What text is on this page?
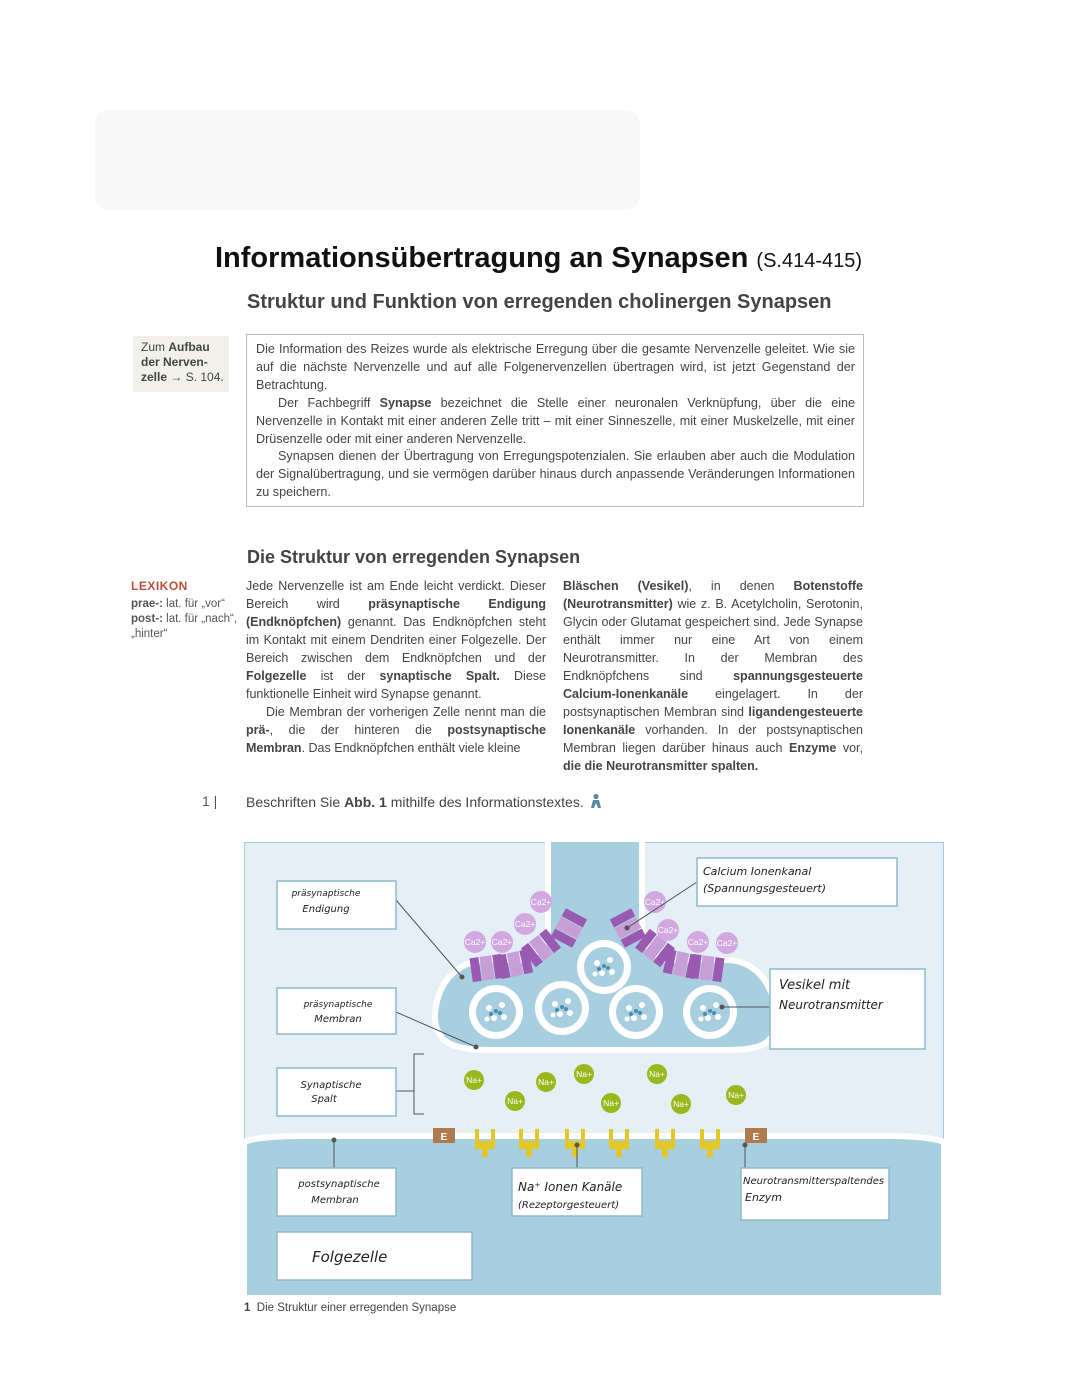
Informationsübertragung an Synapsen (S.414-415)
Struktur und Funktion von erregenden cholinergen Synapsen
Zum Aufbau
der Nerven-
zelle → S. 104.

Die Information des Reizes wurde als elektrische Erregung über die gesamte Nervenzelle geleitet. Wie sie auf die nächste Nervenzelle und auf alle Folgenervenzellen übertragen wird, ist jetzt Gegenstand der Betrachtung.

Der Fachbegriff Synapse bezeichnet die Stelle einer neuronalen Verknüpfung, über die eine Nervenzelle in Kontakt mit einer anderen Zelle tritt – mit einer Sinneszelle, mit einer Muskelzelle, mit einer Drüsenzelle oder mit einer anderen Nervenzelle.

Synapsen dienen der Übertragung von Erregungspotenzialen. Sie erlauben aber auch die Modulation der Signalübertragung, und sie vermögen darüber hinaus durch anpassende Veränderungen Informationen zu speichern.

Die Struktur von erregenden Synapsen
LEXIKON
prae-: lat. für „vor“
post-: lat. für „nach“, „hinter“

Jede Nervenzelle ist am Ende leicht verdickt. Dieser Bereich wird präsynaptische Endigung (Endknöpfchen) genannt. Das Endknöpfchen steht im Kontakt mit einem Dendriten einer Folgezelle. Der Bereich zwischen dem Endknöpfchen und der Folgezelle ist der synaptische Spalt. Diese funktionelle Einheit wird Synapse genannt.

Die Membran der vorherigen Zelle nennt man die prä-, die der hinteren die postsynaptische Membran. Das Endknöpfchen enthält viele kleine

Bläschen (Vesikel), in denen Botenstoffe (Neurotransmitter) wie z. B. Acetylcholin, Serotonin, Glycin oder Glutamat gespeichert sind. Jede Synapse enthält immer nur eine Art von einem Neurotransmitter. In der Membran des Endknöpfchens sind spannungsgesteuerte Calcium-Ionenkanäle eingelagert. In der postsynaptischen Membran sind ligandengesteuerte Ionenkanäle vorhanden. In der postsynaptischen Membran liegen darüber hinaus auch Enzyme vor, die die Neurotransmitter spalten.

1 | Beschriften Sie Abb. 1 mithilfe des Informationstextes.
Ca2+
Ca2+
Ca2+ Ca2+
Ca2+
Ca2+
Ca2+ Ca2+
Na+	Na+
Na+	Na+
Na+	Na+	Na+
Na+
E	E
präsynaptische
Endigung
präsynaptische
Membran
Synaptische
Spalt
postsynaptische
Membran
Folgezelle
Calcium Ionenkanal
(Spannungsgesteuert)
Vesikel mit
Neurotransmitter
Na⁺ Ionen Kanäle
(Rezeptorgesteuert)
Neurotransmitterspaltendes
Enzym
1 Die Struktur einer erregenden Synapse
